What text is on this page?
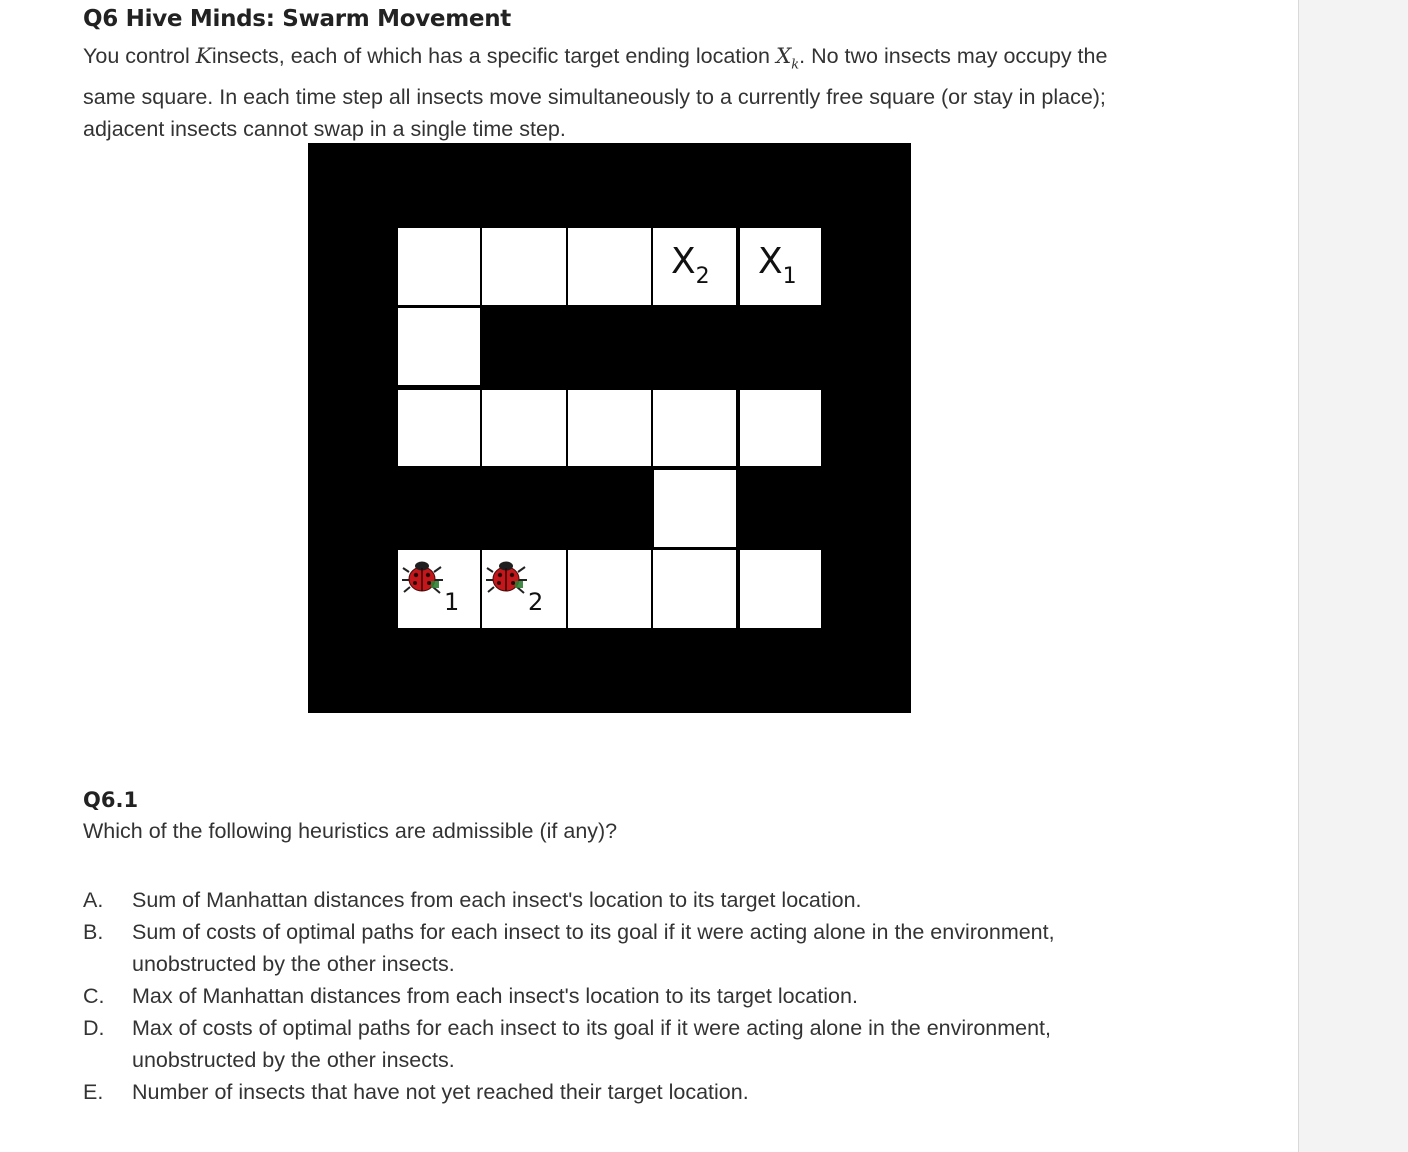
Q6 Hive Minds: Swarm Movement
You control Kinsects, each of which has a specific target ending location $X_k$. No two insects may occupy the same square. In each time step all insects move simultaneously to a currently free square (or stay in place); adjacent insects cannot swap in a single time step.
$X_2$ $X_1$
1	2
Q6.1
Which of the following heuristics are admissible (if any)?
A.	Sum of Manhattan distances from each insect's location to its target location.
B.	Sum of costs of optimal paths for each insect to its goal if it were acting alone in the environment, unobstructed by the other insects.
C.	Max of Manhattan distances from each insect's location to its target location.
D.	Max of costs of optimal paths for each insect to its goal if it were acting alone in the environment, unobstructed by the other insects.
E.	Number of insects that have not yet reached their target location.
